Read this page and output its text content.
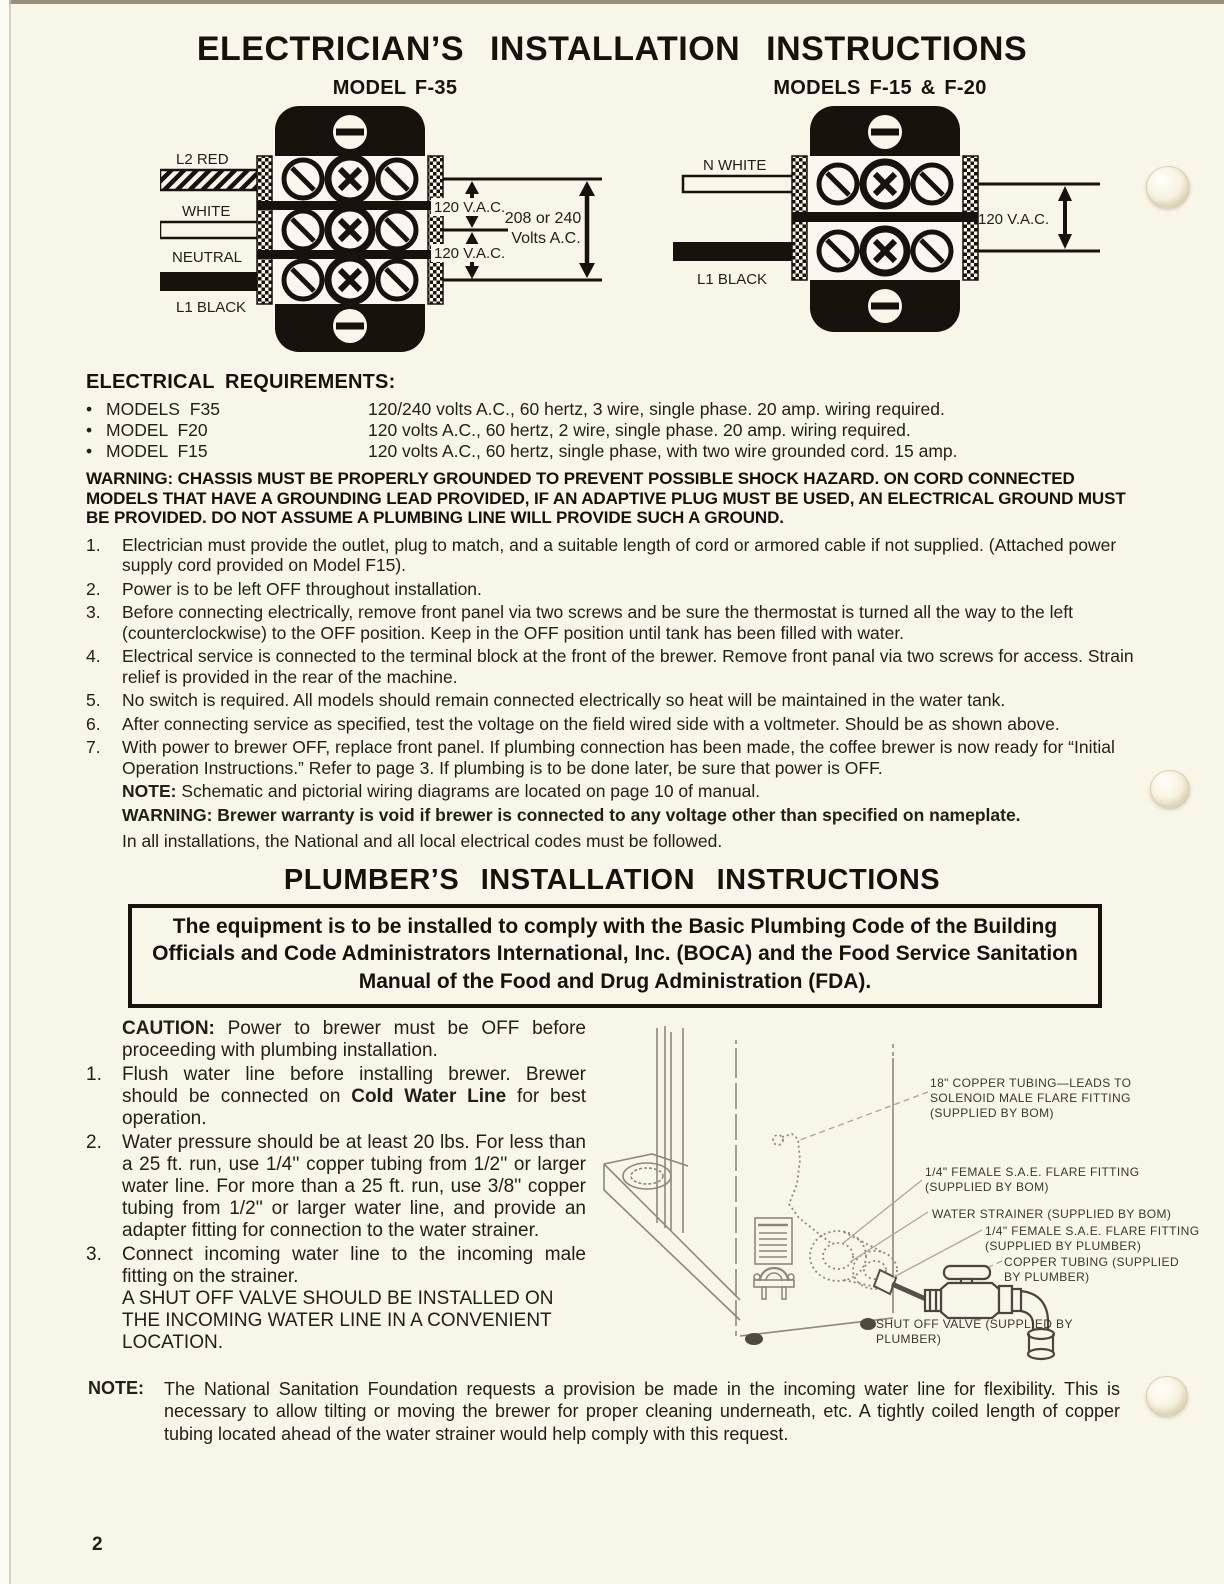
ELECTRICIAN’S INSTALLATION INSTRUCTIONS
MODEL F-35
L2 RED
WHITE
NEUTRAL
L1 BLACK
120 V.A.C.
120 V.A.C.
208 or 240
Volts A.C.
MODELS F-15 & F-20
N WHITE
L1 BLACK
120 V.A.C.
ELECTRICAL REQUIREMENTS:
• MODELS F35	120/240 volts A.C., 60 hertz, 3 wire, single phase. 20 amp. wiring required.
• MODEL F20	120 volts A.C., 60 hertz, 2 wire, single phase. 20 amp. wiring required.
• MODEL F15	120 volts A.C., 60 hertz, single phase, with two wire grounded cord. 15 amp.
WARNING: CHASSIS MUST BE PROPERLY GROUNDED TO PREVENT POSSIBLE SHOCK HAZARD. ON CORD CONNECTED MODELS THAT HAVE A GROUNDING LEAD PROVIDED, IF AN ADAPTIVE PLUG MUST BE USED, AN ELECTRICAL GROUND MUST BE PROVIDED. DO NOT ASSUME A PLUMBING LINE WILL PROVIDE SUCH A GROUND.
1.	Electrician must provide the outlet, plug to match, and a suitable length of cord or armored cable if not supplied. (Attached power supply cord provided on Model F15).
2.	Power is to be left OFF throughout installation.
3.	Before connecting electrically, remove front panel via two screws and be sure the thermostat is turned all the way to the left (counterclockwise) to the OFF position. Keep in the OFF position until tank has been filled with water.
4.	Electrical service is connected to the terminal block at the front of the brewer. Remove front panal via two screws for access. Strain relief is provided in the rear of the machine.
5.	No switch is required. All models should remain connected electrically so heat will be maintained in the water tank.
6.	After connecting service as specified, test the voltage on the field wired side with a voltmeter. Should be as shown above.
7.	With power to brewer OFF, replace front panel. If plumbing connection has been made, the coffee brewer is now ready for “Initial Operation Instructions.” Refer to page 3. If plumbing is to be done later, be sure that power is OFF.
NOTE: Schematic and pictorial wiring diagrams are located on page 10 of manual.
WARNING: Brewer warranty is void if brewer is connected to any voltage other than specified on nameplate.
In all installations, the National and all local electrical codes must be followed.
PLUMBER’S INSTALLATION INSTRUCTIONS
The equipment is to be installed to comply with the Basic Plumbing Code of the Building Officials and Code Administrators International, Inc. (BOCA) and the Food Service Sanitation Manual of the Food and Drug Administration (FDA).
CAUTION: Power to brewer must be OFF before proceeding with plumbing installation.
1.	Flush water line before installing brewer. Brewer should be connected on Cold Water Line for best operation.
2.	Water pressure should be at least 20 lbs. For less than a 25 ft. run, use 1/4'' copper tubing from 1/2'' or larger water line. For more than a 25 ft. run, use 3/8'' copper tubing from 1/2'' or larger water line, and provide an adapter fitting for connection to the water strainer.
3.	Connect incoming water line to the incoming male fitting on the strainer.
A SHUT OFF VALVE SHOULD BE INSTALLED ON THE INCOMING WATER LINE IN A CONVENIENT LOCATION.
18" COPPER TUBING—LEADS TO SOLENOID MALE FLARE FITTING (SUPPLIED BY BOM)
1/4" FEMALE S.A.E. FLARE FITTING (SUPPLIED BY BOM)
WATER STRAINER (SUPPLIED BY BOM)
1/4" FEMALE S.A.E. FLARE FITTING (SUPPLIED BY PLUMBER)
COPPER TUBING (SUPPLIED BY PLUMBER)
SHUT OFF VALVE (SUPPLIED BY PLUMBER)
NOTE:	The National Sanitation Foundation requests a provision be made in the incoming water line for flexibility. This is necessary to allow tilting or moving the brewer for proper cleaning underneath, etc. A tightly coiled length of copper tubing located ahead of the water strainer would help comply with this request.
2
